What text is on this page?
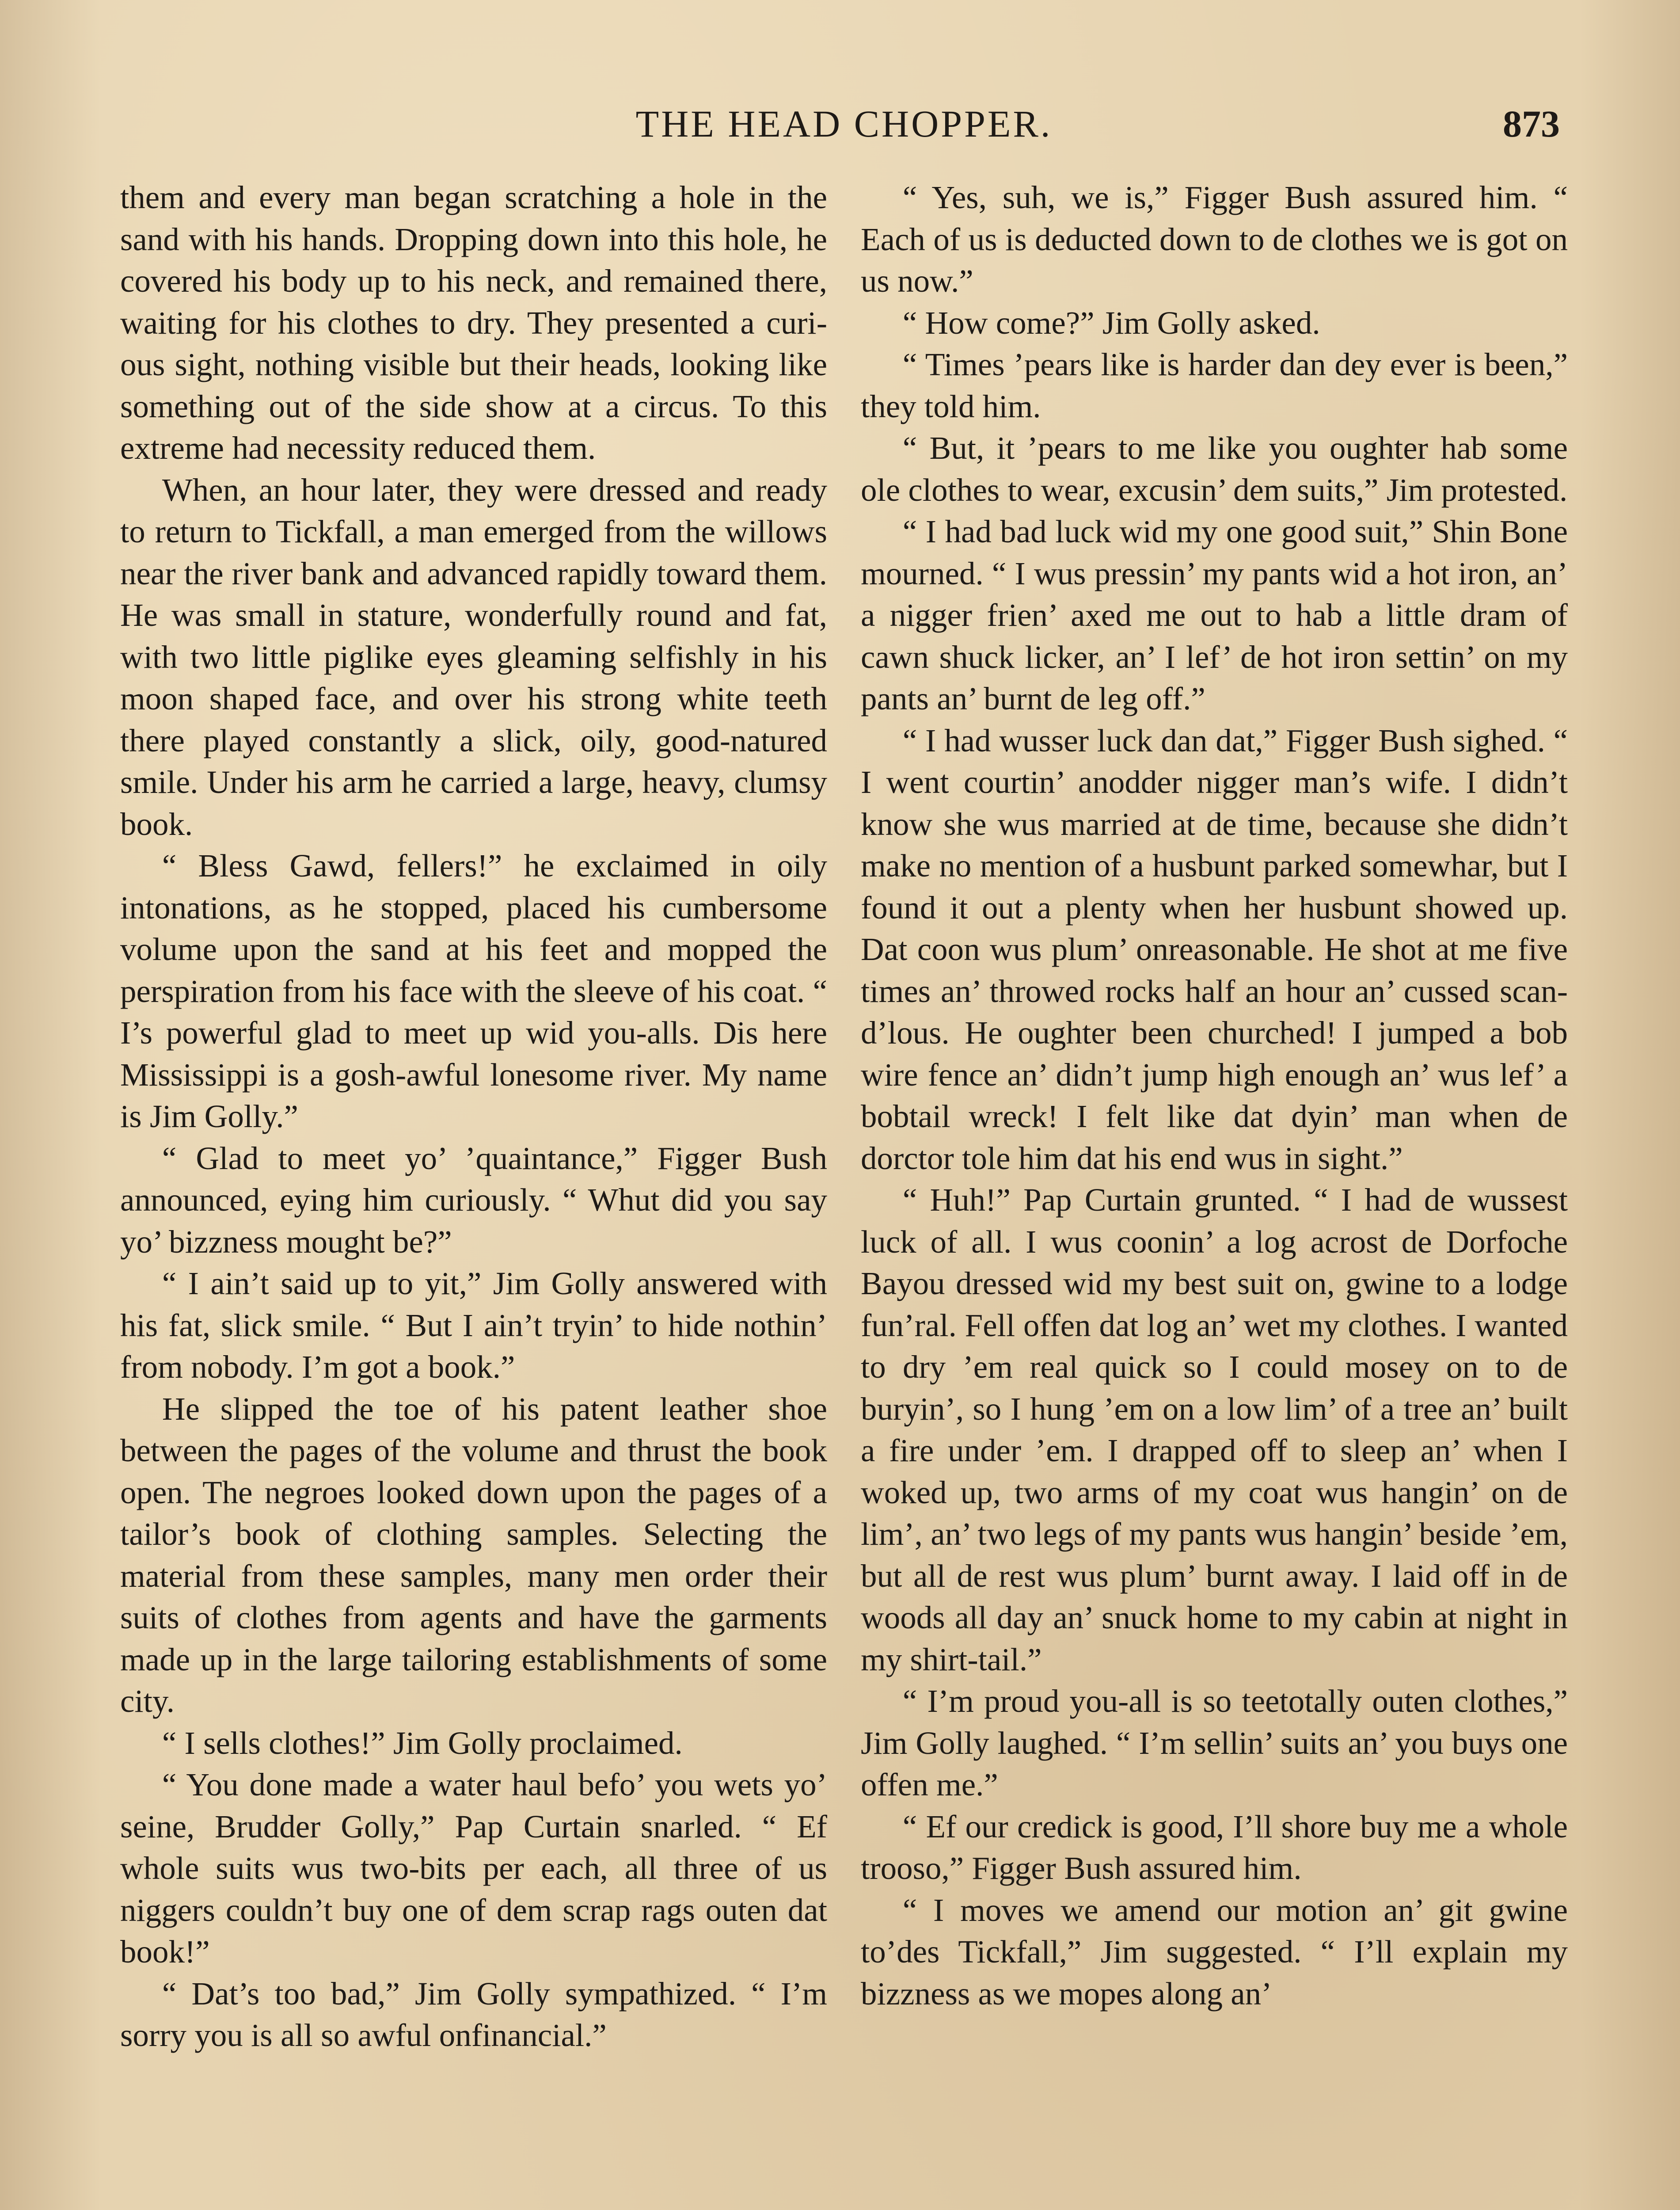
THE HEAD CHOPPER.	873

them and every man began scratching a hole in the sand with his hands. Dropping down into this hole, he covered his body up to his neck, and remained there, waiting for his clothes to dry. They presented a curious sight, nothing visible but their heads, looking like something out of the side show at a circus. To this extreme had necessity reduced them.

When, an hour later, they were dressed and ready to return to Tickfall, a man emerged from the willows near the river bank and advanced rapidly toward them. He was small in stature, wonderfully round and fat, with two little piglike eyes gleaming selfishly in his moon shaped face, and over his strong white teeth there played constantly a slick, oily, good-natured smile. Under his arm he carried a large, heavy, clumsy book.

“ Bless Gawd, fellers!” he exclaimed in oily intonations, as he stopped, placed his cumbersome volume upon the sand at his feet and mopped the perspiration from his face with the sleeve of his coat. “ I’s powerful glad to meet up wid you-alls. Dis here Mississippi is a gosh-awful lonesome river. My name is Jim Golly.”

“ Glad to meet yo’ ’quaintance,” Figger Bush announced, eying him curiously. “ Whut did you say yo’ bizzness mought be?”

“ I ain’t said up to yit,” Jim Golly answered with his fat, slick smile. “ But I ain’t tryin’ to hide nothin’ from nobody. I’m got a book.”

He slipped the toe of his patent leather shoe between the pages of the volume and thrust the book open. The negroes looked down upon the pages of a tailor’s book of clothing samples. Selecting the material from these samples, many men order their suits of clothes from agents and have the garments made up in the large tailoring establishments of some city.

“ I sells clothes!” Jim Golly proclaimed.

“ You done made a water haul befo’ you wets yo’ seine, Brudder Golly,” Pap Curtain snarled. “ Ef whole suits wus two-bits per each, all three of us niggers couldn’t buy one of dem scrap rags outen dat book!”

“ Dat’s too bad,” Jim Golly sympathized. “ I’m sorry you is all so awful onfinancial.”

“ Yes, suh, we is,” Figger Bush assured him. “ Each of us is deducted down to de clothes we is got on us now.”

“ How come?” Jim Golly asked.

“ Times ’pears like is harder dan dey ever is been,” they told him.

“ But, it ’pears to me like you oughter hab some ole clothes to wear, excusin’ dem suits,” Jim protested.

“ I had bad luck wid my one good suit,” Shin Bone mourned. “ I wus pressin’ my pants wid a hot iron, an’ a nigger frien’ axed me out to hab a little dram of cawn shuck licker, an’ I lef’ de hot iron settin’ on my pants an’ burnt de leg off.”

“ I had wusser luck dan dat,” Figger Bush sighed. “ I went courtin’ anodder nigger man’s wife. I didn’t know she wus married at de time, because she didn’t make no mention of a husbunt parked somewhar, but I found it out a plenty when her husbunt showed up. Dat coon wus plum’ onreasonable. He shot at me five times an’ throwed rocks half an hour an’ cussed scand’lous. He oughter been churched! I jumped a bob wire fence an’ didn’t jump high enough an’ wus lef’ a bobtail wreck! I felt like dat dyin’ man when de dorctor tole him dat his end wus in sight.”

“ Huh!” Pap Curtain grunted. “ I had de wussest luck of all. I wus coonin’ a log acrost de Dorfoche Bayou dressed wid my best suit on, gwine to a lodge fun’ral. Fell offen dat log an’ wet my clothes. I wanted to dry ’em real quick so I could mosey on to de buryin’, so I hung ’em on a low lim’ of a tree an’ built a fire under ’em. I drapped off to sleep an’ when I woked up, two arms of my coat wus hangin’ on de lim’, an’ two legs of my pants wus hangin’ beside ’em, but all de rest wus plum’ burnt away. I laid off in de woods all day an’ snuck home to my cabin at night in my shirt-tail.”

“ I’m proud you-all is so teetotally outen clothes,” Jim Golly laughed. “ I’m sellin’ suits an’ you buys one offen me.”

“ Ef our credick is good, I’ll shore buy me a whole trooso,” Figger Bush assured him.

“ I moves we amend our motion an’ git gwine to’des Tickfall,” Jim suggested. “ I’ll explain my bizzness as we mopes along an’
